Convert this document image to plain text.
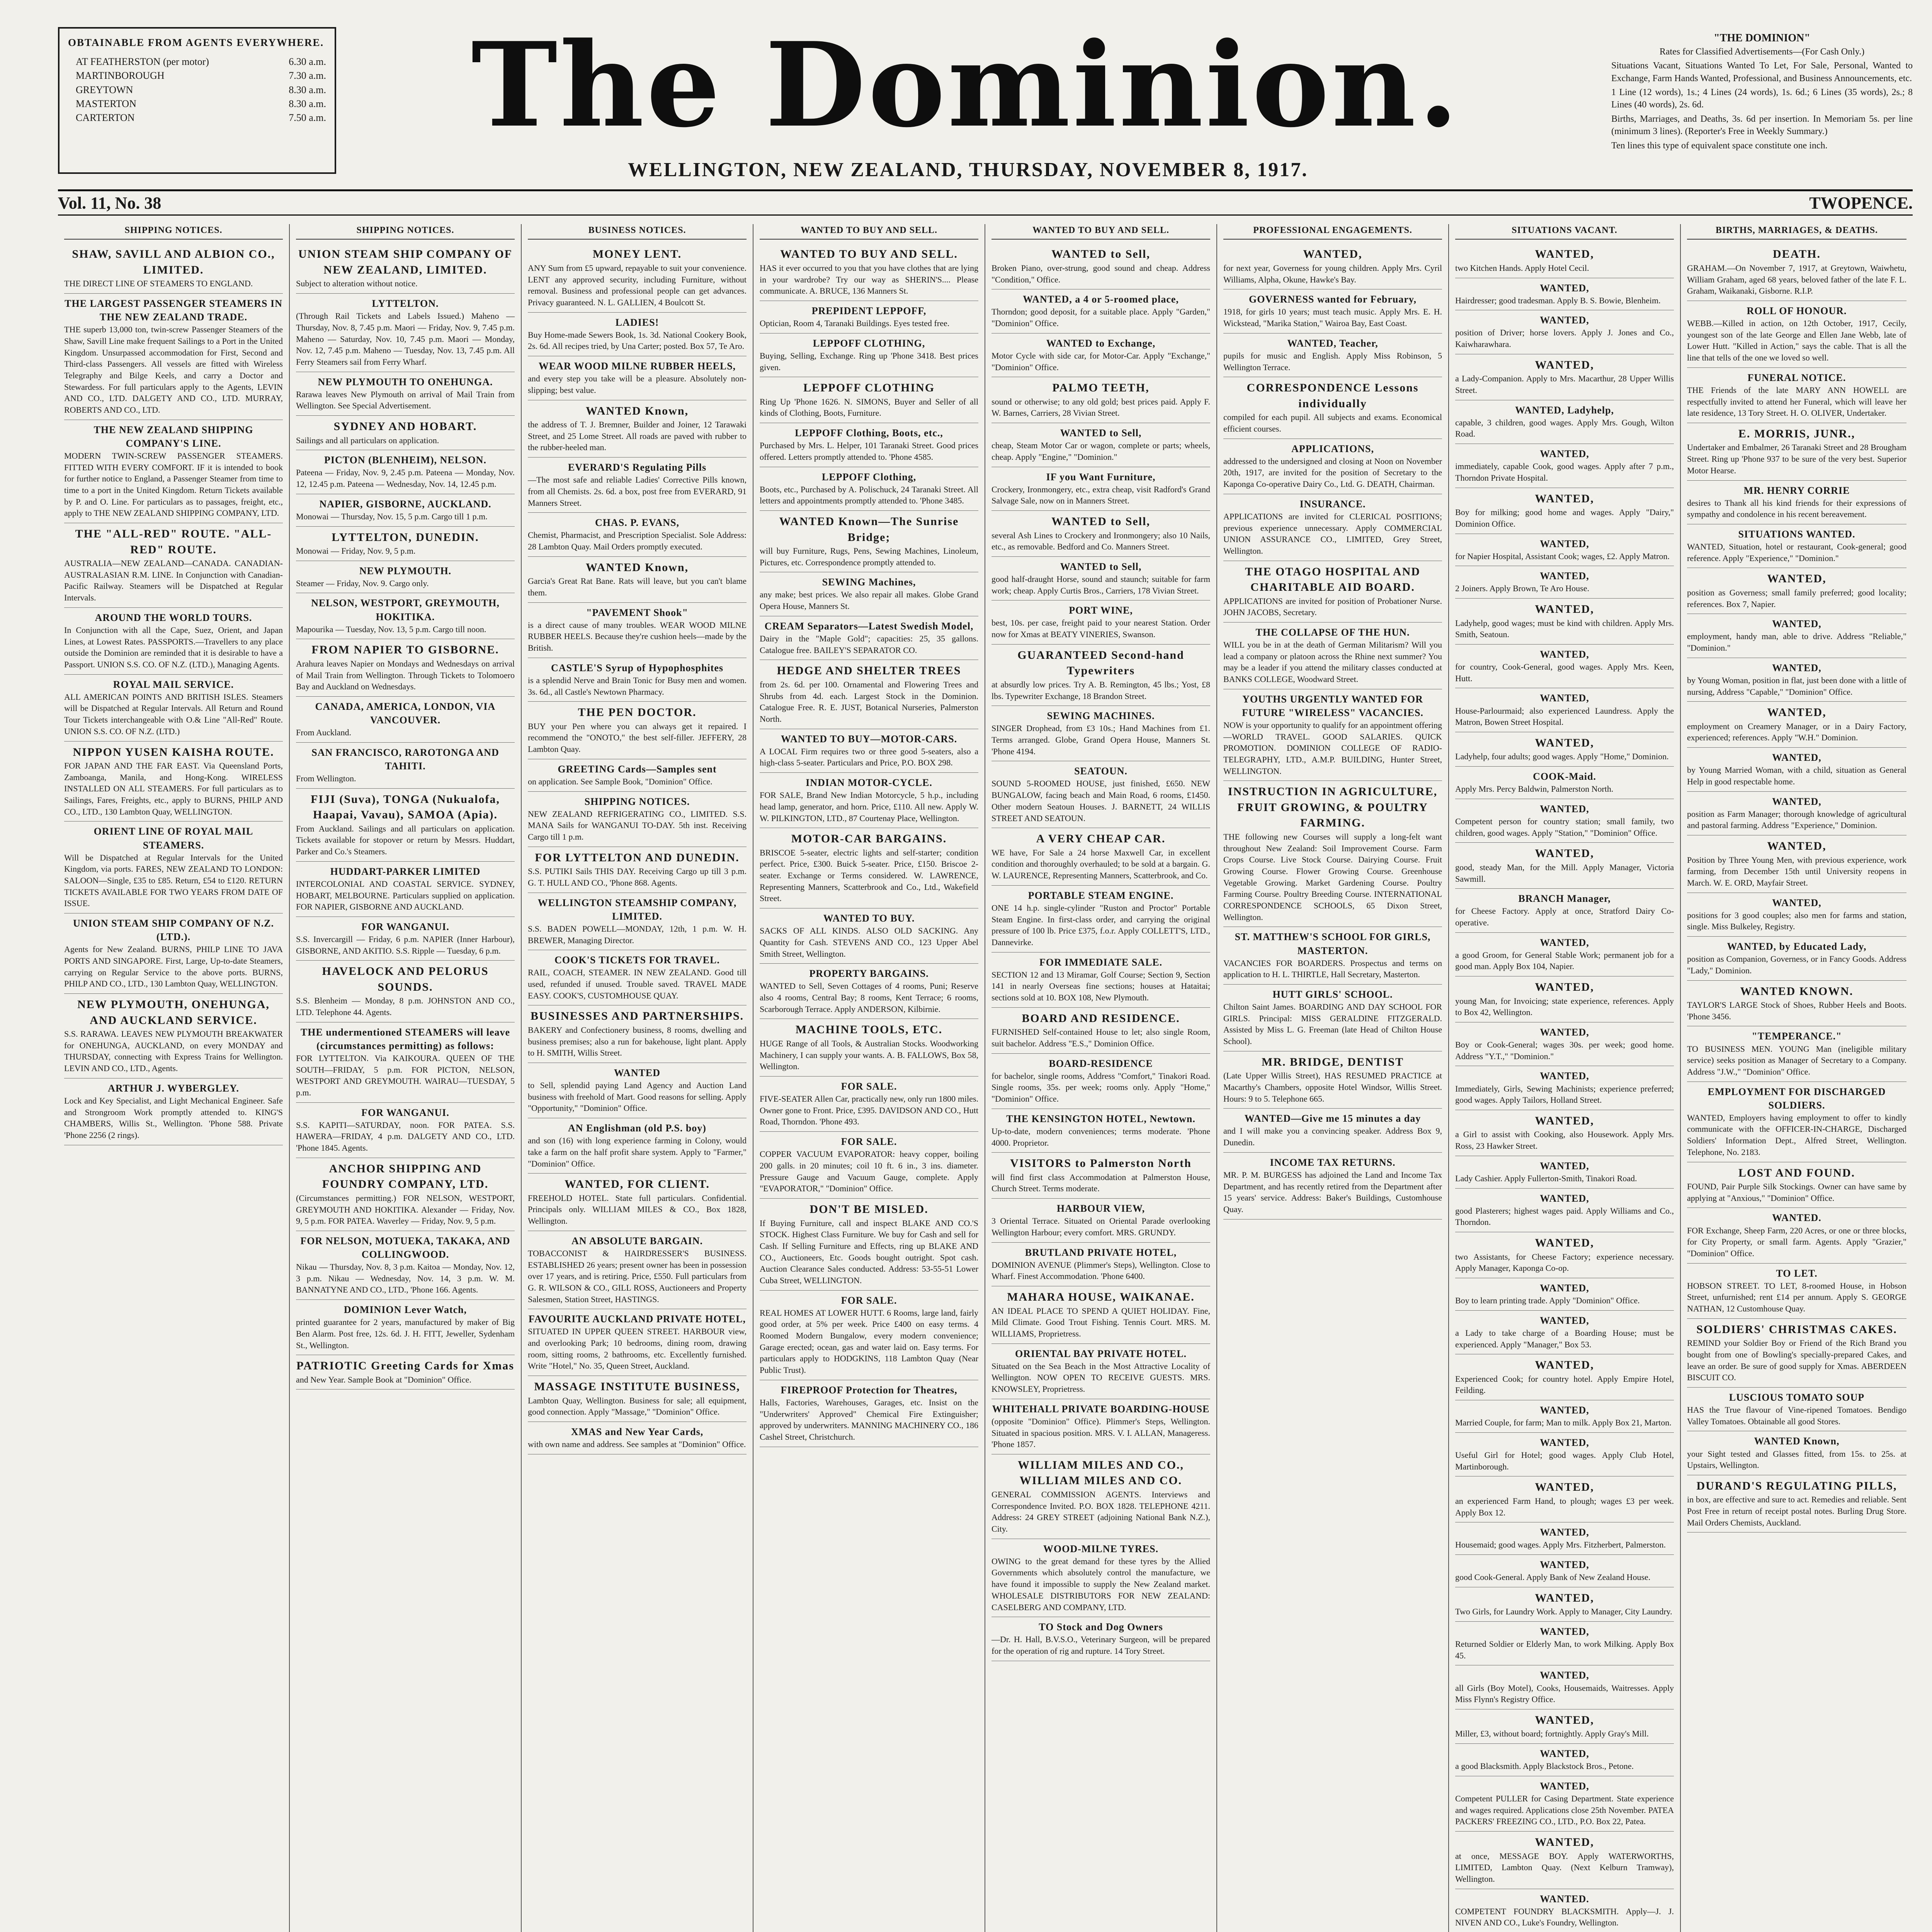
OBTAINABLE FROM AGENTS EVERYWHERE.
AT FEATHERSTON (per motor)	6.30 a.m.
MARTINBOROUGH	7.30 a.m.
GREYTOWN	8.30 a.m.
MASTERTON	8.30 a.m.
CARTERTON	7.50 a.m.	The Dominion.
WELLINGTON, NEW ZEALAND, THURSDAY, NOVEMBER 8, 1917.
"THE DOMINION"
Rates for Classified Advertisements—(For Cash Only.)

Situations Vacant, Situations Wanted To Let, For Sale, Personal, Wanted to Exchange, Farm Hands Wanted, Professional, and Business Announcements, etc.

1 Line (12 words), 1s.; 4 Lines (24 words), 1s. 6d.; 6 Lines (35 words), 2s.; 8 Lines (40 words), 2s. 6d.

Births, Marriages, and Deaths, 3s. 6d per insertion. In Memoriam 5s. per line (minimum 3 lines). (Reporter's Free in Weekly Summary.)

Ten lines this type of equivalent space constitute one inch.

Vol. 11, No. 38	TWOPENCE.
SHIPPING NOTICES.
SHAW, SAVILL AND ALBION CO., LIMITED.
THE DIRECT LINE OF STEAMERS TO ENGLAND.
THE LARGEST PASSENGER STEAMERS IN THE NEW ZEALAND TRADE.
THE superb 13,000 ton, twin-screw Passenger Steamers of the Shaw, Savill Line make frequent Sailings to a Port in the United Kingdom. Unsurpassed accommodation for First, Second and Third-class Passengers. All vessels are fitted with Wireless Telegraphy and Bilge Keels, and carry a Doctor and Stewardess. For full particulars apply to the Agents, LEVIN AND CO., LTD. DALGETY AND CO., LTD. MURRAY, ROBERTS AND CO., LTD.
THE NEW ZEALAND SHIPPING COMPANY'S LINE.
MODERN TWIN-SCREW PASSENGER STEAMERS. FITTED WITH EVERY COMFORT. IF it is intended to book for further notice to England, a Passenger Steamer from time to time to a port in the United Kingdom. Return Tickets available by P. and O. Line. For particulars as to passages, freight, etc., apply to THE NEW ZEALAND SHIPPING COMPANY, LTD.
THE "ALL-RED" ROUTE. "ALL-RED" ROUTE.
AUSTRALIA—NEW ZEALAND—CANADA. CANADIAN-AUSTRALASIAN R.M. LINE. In Conjunction with Canadian-Pacific Railway. Steamers will be Dispatched at Regular Intervals.
AROUND THE WORLD TOURS.
In Conjunction with all the Cape, Suez, Orient, and Japan Lines, at Lowest Rates. PASSPORTS.—Travellers to any place outside the Dominion are reminded that it is desirable to have a Passport. UNION S.S. CO. OF N.Z. (LTD.), Managing Agents.
ROYAL MAIL SERVICE.
ALL AMERICAN POINTS AND BRITISH ISLES. Steamers will be Dispatched at Regular Intervals. All Return and Round Tour Tickets interchangeable with O.& Line "All-Red" Route. UNION S.S. CO. OF N.Z. (LTD.)
NIPPON YUSEN KAISHA ROUTE.
FOR JAPAN AND THE FAR EAST. Via Queensland Ports, Zamboanga, Manila, and Hong-Kong. WIRELESS INSTALLED ON ALL STEAMERS. For full particulars as to Sailings, Fares, Freights, etc., apply to BURNS, PHILP AND CO., LTD., 130 Lambton Quay, WELLINGTON.
ORIENT LINE OF ROYAL MAIL STEAMERS.
Will be Dispatched at Regular Intervals for the United Kingdom, via ports. FARES, NEW ZEALAND TO LONDON: SALOON—Single, £35 to £85. Return, £54 to £120. RETURN TICKETS AVAILABLE FOR TWO YEARS FROM DATE OF ISSUE.
UNION STEAM SHIP COMPANY OF N.Z. (LTD.).
Agents for New Zealand. BURNS, PHILP LINE TO JAVA PORTS AND SINGAPORE. First, Large, Up-to-date Steamers, carrying on Regular Service to the above ports. BURNS, PHILP AND CO., LTD., 130 Lambton Quay, WELLINGTON.
NEW PLYMOUTH, ONEHUNGA, AND AUCKLAND SERVICE.
S.S. RARAWA. LEAVES NEW PLYMOUTH BREAKWATER for ONEHUNGA, AUCKLAND, on every MONDAY and THURSDAY, connecting with Express Trains for Wellington. LEVIN AND CO., LTD., Agents.
ARTHUR J. WYBERGLEY.
Lock and Key Specialist, and Light Mechanical Engineer. Safe and Strongroom Work promptly attended to. KING'S CHAMBERS, Willis St., Wellington. 'Phone 588. Private 'Phone 2256 (2 rings).
SHIPPING NOTICES.
UNION STEAM SHIP COMPANY OF NEW ZEALAND, LIMITED.
Subject to alteration without notice.
LYTTELTON.
(Through Rail Tickets and Labels Issued.) Maheno — Thursday, Nov. 8, 7.45 p.m. Maori — Friday, Nov. 9, 7.45 p.m. Maheno — Saturday, Nov. 10, 7.45 p.m. Maori — Monday, Nov. 12, 7.45 p.m. Maheno — Tuesday, Nov. 13, 7.45 p.m. All Ferry Steamers sail from Ferry Wharf.
NEW PLYMOUTH TO ONEHUNGA.
Rarawa leaves New Plymouth on arrival of Mail Train from Wellington. See Special Advertisement.
SYDNEY AND HOBART.
Sailings and all particulars on application.
PICTON (BLENHEIM), NELSON.
Pateena — Friday, Nov. 9, 2.45 p.m. Pateena — Monday, Nov. 12, 12.45 p.m. Pateena — Wednesday, Nov. 14, 12.45 p.m.
NAPIER, GISBORNE, AUCKLAND.
Monowai — Thursday, Nov. 15, 5 p.m. Cargo till 1 p.m.
LYTTELTON, DUNEDIN.
Monowai — Friday, Nov. 9, 5 p.m.
NEW PLYMOUTH.
Steamer — Friday, Nov. 9. Cargo only.
NELSON, WESTPORT, GREYMOUTH, HOKITIKA.
Mapourika — Tuesday, Nov. 13, 5 p.m. Cargo till noon.
FROM NAPIER TO GISBORNE.
Arahura leaves Napier on Mondays and Wednesdays on arrival of Mail Train from Wellington. Through Tickets to Tolomoero Bay and Auckland on Wednesdays.
CANADA, AMERICA, LONDON, VIA VANCOUVER.
From Auckland.
SAN FRANCISCO, RAROTONGA AND TAHITI.
From Wellington.
FIJI (Suva), TONGA (Nukualofa, Haapai, Vavau), SAMOA (Apia).
From Auckland. Sailings and all particulars on application. Tickets available for stopover or return by Messrs. Huddart, Parker and Co.'s Steamers.
HUDDART-PARKER LIMITED
INTERCOLONIAL AND COASTAL SERVICE. SYDNEY, HOBART, MELBOURNE. Particulars supplied on application. FOR NAPIER, GISBORNE AND AUCKLAND.
FOR WANGANUI.
S.S. Invercargill — Friday, 6 p.m. NAPIER (Inner Harbour), GISBORNE, AND AKITIO. S.S. Ripple — Tuesday, 6 p.m.
HAVELOCK AND PELORUS SOUNDS.
S.S. Blenheim — Monday, 8 p.m. JOHNSTON AND CO., LTD. Telephone 44. Agents.
THE undermentioned STEAMERS will leave (circumstances permitting) as follows:
FOR LYTTELTON. Via KAIKOURA. QUEEN OF THE SOUTH—FRIDAY, 5 p.m. FOR PICTON, NELSON, WESTPORT AND GREYMOUTH. WAIRAU—TUESDAY, 5 p.m.
FOR WANGANUI.
S.S. KAPITI—SATURDAY, noon. FOR PATEA. S.S. HAWERA—FRIDAY, 4 p.m. DALGETY AND CO., LTD. 'Phone 1845. Agents.
ANCHOR SHIPPING AND FOUNDRY COMPANY, LTD.
(Circumstances permitting.) FOR NELSON, WESTPORT, GREYMOUTH AND HOKITIKA. Alexander — Friday, Nov. 9, 5 p.m. FOR PATEA. Waverley — Friday, Nov. 9, 5 p.m.
FOR NELSON, MOTUEKA, TAKAKA, AND COLLINGWOOD.
Nikau — Thursday, Nov. 8, 3 p.m. Kaitoa — Monday, Nov. 12, 3 p.m. Nikau — Wednesday, Nov. 14, 3 p.m. W. M. BANNATYNE AND CO., LTD., 'Phone 166. Agents.
DOMINION Lever Watch,
printed guarantee for 2 years, manufactured by maker of Big Ben Alarm. Post free, 12s. 6d. J. H. FITT, Jeweller, Sydenham St., Wellington.
PATRIOTIC Greeting Cards for Xmas
and New Year. Sample Book at "Dominion" Office.
BUSINESS NOTICES.
MONEY LENT.
ANY Sum from £5 upward, repayable to suit your convenience. LENT any approved security, including Furniture, without removal. Business and professional people can get advances. Privacy guaranteed. N. L. GALLIEN, 4 Boulcott St.
LADIES!
Buy Home-made Sewers Book, 1s. 3d. National Cookery Book, 2s. 6d. All recipes tried, by Una Carter; posted. Box 57, Te Aro.
WEAR WOOD MILNE RUBBER HEELS,
and every step you take will be a pleasure. Absolutely non-slipping; best value.
WANTED Known,
the address of T. J. Bremner, Builder and Joiner, 12 Tarawaki Street, and 25 Lome Street. All roads are paved with rubber to the rubber-heeled man.
EVERARD'S Regulating Pills
—The most safe and reliable Ladies' Corrective Pills known, from all Chemists. 2s. 6d. a box, post free from EVERARD, 91 Manners Street.
CHAS. P. EVANS,
Chemist, Pharmacist, and Prescription Specialist. Sole Address: 28 Lambton Quay. Mail Orders promptly executed.
WANTED Known,
Garcia's Great Rat Bane. Rats will leave, but you can't blame them.
"PAVEMENT Shook"
is a direct cause of many troubles. WEAR WOOD MILNE RUBBER HEELS. Because they're cushion heels—made by the British.
CASTLE'S Syrup of Hypophosphites
is a splendid Nerve and Brain Tonic for Busy men and women. 3s. 6d., all Castle's Newtown Pharmacy.
THE PEN DOCTOR.
BUY your Pen where you can always get it repaired. I recommend the "ONOTO," the best self-filler. JEFFERY, 28 Lambton Quay.
GREETING Cards—Samples sent
on application. See Sample Book, "Dominion" Office.
SHIPPING NOTICES.
NEW ZEALAND REFRIGERATING CO., LIMITED. S.S. MANA Sails for WANGANUI TO-DAY. 5th inst. Receiving Cargo till 1 p.m.
FOR LYTTELTON AND DUNEDIN.
S.S. PUTIKI Sails THIS DAY. Receiving Cargo up till 3 p.m. G. T. HULL AND CO., 'Phone 868. Agents.
WELLINGTON STEAMSHIP COMPANY, LIMITED.
S.S. BADEN POWELL—MONDAY, 12th, 1 p.m. W. H. BREWER, Managing Director.
COOK'S TICKETS FOR TRAVEL.
RAIL, COACH, STEAMER. IN NEW ZEALAND. Good till used, refunded if unused. Trouble saved. TRAVEL MADE EASY. COOK'S, CUSTOMHOUSE QUAY.
BUSINESSES AND PARTNERSHIPS.
BAKERY and Confectionery business, 8 rooms, dwelling and business premises; also a run for bakehouse, light plant. Apply to H. SMITH, Willis Street.
WANTED
to Sell, splendid paying Land Agency and Auction Land business with freehold of Mart. Good reasons for selling. Apply "Opportunity," "Dominion" Office.
AN Englishman (old P.S. boy)
and son (16) with long experience farming in Colony, would take a farm on the half profit share system. Apply to "Farmer," "Dominion" Office.
WANTED, FOR CLIENT.
FREEHOLD HOTEL. State full particulars. Confidential. Principals only. WILLIAM MILES & CO., Box 1828, Wellington.
AN ABSOLUTE BARGAIN.
TOBACCONIST & HAIRDRESSER'S BUSINESS. ESTABLISHED 26 years; present owner has been in possession over 17 years, and is retiring. Price, £550. Full particulars from G. R. WILSON & CO., GILL ROSS, Auctioneers and Property Salesmen, Station Street, HASTINGS.
FAVOURITE AUCKLAND PRIVATE HOTEL,
SITUATED IN UPPER QUEEN STREET. HARBOUR view, and overlooking Park; 10 bedrooms, dining room, drawing room, sitting rooms, 2 bathrooms, etc. Excellently furnished. Write "Hotel," No. 35, Queen Street, Auckland.
MASSAGE INSTITUTE BUSINESS,
Lambton Quay, Wellington. Business for sale; all equipment, good connection. Apply "Massage," "Dominion" Office.
XMAS and New Year Cards,
with own name and address. See samples at "Dominion" Office.
WANTED TO BUY AND SELL.
WANTED TO BUY AND SELL.
HAS it ever occurred to you that you have clothes that are lying in your wardrobe? Try our way as SHERIN'S.... Please communicate. A. BRUCE, 136 Manners St.
PREPIDENT LEPPOFF,
Optician, Room 4, Taranaki Buildings. Eyes tested free.
LEPPOFF CLOTHING,
Buying, Selling, Exchange. Ring up 'Phone 3418. Best prices given.
LEPPOFF CLOTHING
Ring Up 'Phone 1626. N. SIMONS, Buyer and Seller of all kinds of Clothing, Boots, Furniture.
LEPPOFF Clothing, Boots, etc.,
Purchased by Mrs. L. Helper, 101 Taranaki Street. Good prices offered. Letters promptly attended to. 'Phone 4585.
LEPPOFF Clothing,
Boots, etc., Purchased by A. Polischuck, 24 Taranaki Street. All letters and appointments promptly attended to. 'Phone 3485.
WANTED Known—The Sunrise Bridge;
will buy Furniture, Rugs, Pens, Sewing Machines, Linoleum, Pictures, etc. Correspondence promptly attended to.
SEWING Machines,
any make; best prices. We also repair all makes. Globe Grand Opera House, Manners St.
CREAM Separators—Latest Swedish Model,
Dairy in the "Maple Gold"; capacities: 25, 35 gallons. Catalogue free. BAILEY'S SEPARATOR CO.
HEDGE AND SHELTER TREES
from 2s. 6d. per 100. Ornamental and Flowering Trees and Shrubs from 4d. each. Largest Stock in the Dominion. Catalogue Free. R. E. JUST, Botanical Nurseries, Palmerston North.
WANTED TO BUY—MOTOR-CARS.
A LOCAL Firm requires two or three good 5-seaters, also a high-class 5-seater. Particulars and Price, P.O. BOX 298.
INDIAN MOTOR-CYCLE.
FOR SALE, Brand New Indian Motorcycle, 5 h.p., including head lamp, generator, and horn. Price, £110. All new. Apply W. W. PILKINGTON, LTD., 87 Courtenay Place, Wellington.
MOTOR-CAR BARGAINS.
BRISCOE 5-seater, electric lights and self-starter; condition perfect. Price, £300. Buick 5-seater. Price, £150. Briscoe 2-seater. Exchange or Terms considered. W. LAWRENCE, Representing Manners, Scatterbrook and Co., Ltd., Wakefield Street.
WANTED TO BUY.
SACKS OF ALL KINDS. ALSO OLD SACKING. Any Quantity for Cash. STEVENS AND CO., 123 Upper Abel Smith Street, Wellington.
PROPERTY BARGAINS.
WANTED to Sell, Seven Cottages of 4 rooms, Puni; Reserve also 4 rooms, Central Bay; 8 rooms, Kent Terrace; 6 rooms, Scarborough Terrace. Apply ANDERSON, Kilbirnie.
MACHINE TOOLS, ETC.
HUGE Range of all Tools, & Australian Stocks. Woodworking Machinery, I can supply your wants. A. B. FALLOWS, Box 58, Wellington.
FOR SALE.
FIVE-SEATER Allen Car, practically new, only run 1800 miles. Owner gone to Front. Price, £395. DAVIDSON AND CO., Hutt Road, Thorndon. 'Phone 493.
FOR SALE.
COPPER VACUUM EVAPORATOR: heavy copper, boiling 200 galls. in 20 minutes; coil 10 ft. 6 in., 3 ins. diameter. Pressure Gauge and Vacuum Gauge, complete. Apply "EVAPORATOR," "Dominion" Office.
DON'T BE MISLED.
If Buying Furniture, call and inspect BLAKE AND CO.'S STOCK. Highest Class Furniture. We buy for Cash and sell for Cash. If Selling Furniture and Effects, ring up BLAKE AND CO., Auctioneers, Etc. Goods bought outright. Spot cash. Auction Clearance Sales conducted. Address: 53-55-51 Lower Cuba Street, WELLINGTON.
FOR SALE.
REAL HOMES AT LOWER HUTT. 6 Rooms, large land, fairly good order, at 5% per week. Price £400 on easy terms. 4 Roomed Modern Bungalow, every modern convenience; Garage erected; ocean, gas and water laid on. Easy terms. For particulars apply to HODGKINS, 118 Lambton Quay (Near Public Trust).
FIREPROOF Protection for Theatres,
Halls, Factories, Warehouses, Garages, etc. Insist on the "Underwriters' Approved" Chemical Fire Extinguisher; approved by underwriters. MANNING MACHINERY CO., 186 Cashel Street, Christchurch.
WANTED TO BUY AND SELL.
WANTED to Sell,
Broken Piano, over-strung, good sound and cheap. Address "Condition," Office.
WANTED, a 4 or 5-roomed place,
Thorndon; good deposit, for a suitable place. Apply "Garden," "Dominion" Office.
WANTED to Exchange,
Motor Cycle with side car, for Motor-Car. Apply "Exchange," "Dominion" Office.
PALMO TEETH,
sound or otherwise; to any old gold; best prices paid. Apply F. W. Barnes, Carriers, 28 Vivian Street.
WANTED to Sell,
cheap, Steam Motor Car or wagon, complete or parts; wheels, cheap. Apply "Engine," "Dominion."
IF you Want Furniture,
Crockery, Ironmongery, etc., extra cheap, visit Radford's Grand Salvage Sale, now on in Manners Street.
WANTED to Sell,
several Ash Lines to Crockery and Ironmongery; also 10 Nails, etc., as removable. Bedford and Co. Manners Street.
WANTED to Sell,
good half-draught Horse, sound and staunch; suitable for farm work; cheap. Apply Curtis Bros., Carriers, 178 Vivian Street.
PORT WINE,
best, 10s. per case, freight paid to your nearest Station. Order now for Xmas at BEATY VINERIES, Swanson.
GUARANTEED Second-hand Typewriters
at absurdly low prices. Try A. B. Remington, 45 lbs.; Yost, £8 lbs. Typewriter Exchange, 18 Brandon Street.
SEWING MACHINES.
SINGER Drophead, from £3 10s.; Hand Machines from £1. Terms arranged. Globe, Grand Opera House, Manners St. 'Phone 4194.
SEATOUN.
SOUND 5-ROOMED HOUSE, just finished, £650. NEW BUNGALOW, facing beach and Main Road, 6 rooms, £1450. Other modern Seatoun Houses. J. BARNETT, 24 WILLIS STREET AND SEATOUN.
A VERY CHEAP CAR.
WE have, For Sale a 24 horse Maxwell Car, in excellent condition and thoroughly overhauled; to be sold at a bargain. G. W. LAURENCE, Representing Manners, Scatterbrook, and Co.
PORTABLE STEAM ENGINE.
ONE 14 h.p. single-cylinder "Ruston and Proctor" Portable Steam Engine. In first-class order, and carrying the original pressure of 100 lb. Price £375, f.o.r. Apply COLLETT'S, LTD., Dannevirke.
FOR IMMEDIATE SALE.
SECTION 12 and 13 Miramar, Golf Course; Section 9, Section 141 in nearly Overseas fine sections; houses at Hataitai; sections sold at 10. BOX 108, New Plymouth.
BOARD AND RESIDENCE.
FURNISHED Self-contained House to let; also single Room, suit bachelor. Address "E.S.," Dominion Office.
BOARD-RESIDENCE
for bachelor, single rooms, Address "Comfort," Tinakori Road. Single rooms, 35s. per week; rooms only. Apply "Home," "Dominion" Office.
THE KENSINGTON HOTEL, Newtown.
Up-to-date, modern conveniences; terms moderate. 'Phone 4000. Proprietor.
VISITORS to Palmerston North
will find first class Accommodation at Palmerston House, Church Street. Terms moderate.
HARBOUR VIEW,
3 Oriental Terrace. Situated on Oriental Parade overlooking Wellington Harbour; every comfort. MRS. GRUNDY.
BRUTLAND PRIVATE HOTEL,
DOMINION AVENUE (Plimmer's Steps), Wellington. Close to Wharf. Finest Accommodation. 'Phone 6400.
MAHARA HOUSE, WAIKANAE.
AN IDEAL PLACE TO SPEND A QUIET HOLIDAY. Fine, Mild Climate. Good Trout Fishing. Tennis Court. MRS. M. WILLIAMS, Proprietress.
ORIENTAL BAY PRIVATE HOTEL.
Situated on the Sea Beach in the Most Attractive Locality of Wellington. NOW OPEN TO RECEIVE GUESTS. MRS. KNOWSLEY, Proprietress.
WHITEHALL PRIVATE BOARDING-HOUSE
(opposite "Dominion" Office). Plimmer's Steps, Wellington. Situated in spacious position. MRS. V. I. ALLAN, Manageress. 'Phone 1857.
WILLIAM MILES AND CO., WILLIAM MILES AND CO.
GENERAL COMMISSION AGENTS. Interviews and Correspondence Invited. P.O. BOX 1828. TELEPHONE 4211. Address: 24 GREY STREET (adjoining National Bank N.Z.), City.
WOOD-MILNE TYRES.
OWING to the great demand for these tyres by the Allied Governments which absolutely control the manufacture, we have found it impossible to supply the New Zealand market. WHOLESALE DISTRIBUTORS FOR NEW ZEALAND: CASELBERG AND COMPANY, LTD.
TO Stock and Dog Owners
—Dr. H. Hall, B.V.S.O., Veterinary Surgeon, will be prepared for the operation of rig and rupture. 14 Tory Street.
PROFESSIONAL ENGAGEMENTS.
WANTED,
for next year, Governess for young children. Apply Mrs. Cyril Williams, Alpha, Okune, Hawke's Bay.
GOVERNESS wanted for February,
1918, for girls 10 years; must teach music. Apply Mrs. E. H. Wickstead, "Marika Station," Wairoa Bay, East Coast.
WANTED, Teacher,
pupils for music and English. Apply Miss Robinson, 5 Wellington Terrace.
CORRESPONDENCE Lessons individually
compiled for each pupil. All subjects and exams. Economical efficient courses.
APPLICATIONS,
addressed to the undersigned and closing at Noon on November 20th, 1917, are invited for the position of Secretary to the Kaponga Co-operative Dairy Co., Ltd. G. DEATH, Chairman.
INSURANCE.
APPLICATIONS are invited for CLERICAL POSITIONS; previous experience unnecessary. Apply COMMERCIAL UNION ASSURANCE CO., LIMITED, Grey Street, Wellington.
THE OTAGO HOSPITAL AND CHARITABLE AID BOARD.
APPLICATIONS are invited for position of Probationer Nurse. JOHN JACOBS, Secretary.
THE COLLAPSE OF THE HUN.
WILL you be in at the death of German Militarism? Will you lead a company or platoon across the Rhine next summer? You may be a leader if you attend the military classes conducted at BANKS COLLEGE, Woodward Street.
YOUTHS URGENTLY WANTED FOR FUTURE "WIRELESS" VACANCIES.
NOW is your opportunity to qualify for an appointment offering—WORLD TRAVEL. GOOD SALARIES. QUICK PROMOTION. DOMINION COLLEGE OF RADIO-TELEGRAPHY, LTD., A.M.P. BUILDING, Hunter Street, WELLINGTON.
INSTRUCTION IN AGRICULTURE, FRUIT GROWING, & POULTRY FARMING.
THE following new Courses will supply a long-felt want throughout New Zealand: Soil Improvement Course. Farm Crops Course. Live Stock Course. Dairying Course. Fruit Growing Course. Flower Growing Course. Greenhouse Vegetable Growing. Market Gardening Course. Poultry Farming Course. Poultry Breeding Course. INTERNATIONAL CORRESPONDENCE SCHOOLS, 65 Dixon Street, Wellington.
ST. MATTHEW'S SCHOOL FOR GIRLS, MASTERTON.
VACANCIES FOR BOARDERS. Prospectus and terms on application to H. L. THIRTLE, Hall Secretary, Masterton.
HUTT GIRLS' SCHOOL.
Chilton Saint James. BOARDING AND DAY SCHOOL FOR GIRLS. Principal: MISS GERALDINE FITZGERALD. Assisted by Miss L. G. Freeman (late Head of Chilton House School).
MR. BRIDGE, DENTIST
(Late Upper Willis Street), HAS RESUMED PRACTICE at Macarthy's Chambers, opposite Hotel Windsor, Willis Street. Hours: 9 to 5. Telephone 665.
WANTED—Give me 15 minutes a day
and I will make you a convincing speaker. Address Box 9, Dunedin.
INCOME TAX RETURNS.
MR. P. M. BURGESS has adjoined the Land and Income Tax Department, and has recently retired from the Department after 15 years' service. Address: Baker's Buildings, Customhouse Quay.
SITUATIONS VACANT.
WANTED,
two Kitchen Hands. Apply Hotel Cecil.
WANTED,
Hairdresser; good tradesman. Apply B. S. Bowie, Blenheim.
WANTED,
position of Driver; horse lovers. Apply J. Jones and Co., Kaiwharawhara.
WANTED,
a Lady-Companion. Apply to Mrs. Macarthur, 28 Upper Willis Street.
WANTED, Ladyhelp,
capable, 3 children, good wages. Apply Mrs. Gough, Wilton Road.
WANTED,
immediately, capable Cook, good wages. Apply after 7 p.m., Thorndon Private Hospital.
WANTED,
Boy for milking; good home and wages. Apply "Dairy," Dominion Office.
WANTED,
for Napier Hospital, Assistant Cook; wages, £2. Apply Matron.
WANTED,
2 Joiners. Apply Brown, Te Aro House.
WANTED,
Ladyhelp, good wages; must be kind with children. Apply Mrs. Smith, Seatoun.
WANTED,
for country, Cook-General, good wages. Apply Mrs. Keen, Hutt.
WANTED,
House-Parlourmaid; also experienced Laundress. Apply the Matron, Bowen Street Hospital.
WANTED,
Ladyhelp, four adults; good wages. Apply "Home," Dominion.
COOK-Maid.
Apply Mrs. Percy Baldwin, Palmerston North.
WANTED,
Competent person for country station; small family, two children, good wages. Apply "Station," "Dominion" Office.
WANTED,
good, steady Man, for the Mill. Apply Manager, Victoria Sawmill.
BRANCH Manager,
for Cheese Factory. Apply at once, Stratford Dairy Co-operative.
WANTED,
a good Groom, for General Stable Work; permanent job for a good man. Apply Box 104, Napier.
WANTED,
young Man, for Invoicing; state experience, references. Apply to Box 42, Wellington.
WANTED,
Boy or Cook-General; wages 30s. per week; good home. Address "Y.T.," "Dominion."
WANTED,
Immediately, Girls, Sewing Machinists; experience preferred; good wages. Apply Tailors, Holland Street.
WANTED,
a Girl to assist with Cooking, also Housework. Apply Mrs. Ross, 23 Hawker Street.
WANTED,
Lady Cashier. Apply Fullerton-Smith, Tinakori Road.
WANTED,
good Plasterers; highest wages paid. Apply Williams and Co., Thorndon.
WANTED,
two Assistants, for Cheese Factory; experience necessary. Apply Manager, Kaponga Co-op.
WANTED,
Boy to learn printing trade. Apply "Dominion" Office.
WANTED,
a Lady to take charge of a Boarding House; must be experienced. Apply "Manager," Box 53.
WANTED,
Experienced Cook; for country hotel. Apply Empire Hotel, Feilding.
WANTED,
Married Couple, for farm; Man to milk. Apply Box 21, Marton.
WANTED,
Useful Girl for Hotel; good wages. Apply Club Hotel, Martinborough.
WANTED,
an experienced Farm Hand, to plough; wages £3 per week. Apply Box 12.
WANTED,
Housemaid; good wages. Apply Mrs. Fitzherbert, Palmerston.
WANTED,
good Cook-General. Apply Bank of New Zealand House.
WANTED,
Two Girls, for Laundry Work. Apply to Manager, City Laundry.
WANTED,
Returned Soldier or Elderly Man, to work Milking. Apply Box 45.
WANTED,
all Girls (Boy Motel), Cooks, Housemaids, Waitresses. Apply Miss Flynn's Registry Office.
WANTED,
Miller, £3, without board; fortnightly. Apply Gray's Mill.
WANTED,
a good Blacksmith. Apply Blackstock Bros., Petone.
WANTED,
Competent PULLER for Casing Department. State experience and wages required. Applications close 25th November. PATEA PACKERS' FREEZING CO., LTD., P.O. Box 22, Patea.
WANTED,
at once, MESSAGE BOY. Apply WATERWORTHS, LIMITED, Lambton Quay. (Next Kelburn Tramway), Wellington.
WANTED.
COMPETENT FOUNDRY BLACKSMITH. Apply—J. J. NIVEN AND CO., Luke's Foundry, Wellington.
BIRTHS, MARRIAGES, & DEATHS.
DEATH.
GRAHAM.—On November 7, 1917, at Greytown, Waiwhetu, William Graham, aged 68 years, beloved father of the late F. L. Graham, Waikanaki, Gisborne. R.I.P.
ROLL OF HONOUR.
WEBB.—Killed in action, on 12th October, 1917, Cecily, youngest son of the late George and Ellen Jane Webb, late of Lower Hutt. "Killed in Action," says the cable. That is all the line that tells of the one we loved so well.
FUNERAL NOTICE.
THE Friends of the late MARY ANN HOWELL are respectfully invited to attend her Funeral, which will leave her late residence, 13 Tory Street. H. O. OLIVER, Undertaker.
E. MORRIS, JUNR.,
Undertaker and Embalmer, 26 Taranaki Street and 28 Brougham Street. Ring up 'Phone 937 to be sure of the very best. Superior Motor Hearse.
MR. HENRY CORRIE
desires to Thank all his kind friends for their expressions of sympathy and condolence in his recent bereavement.
SITUATIONS WANTED.
WANTED, Situation, hotel or restaurant, Cook-general; good reference. Apply "Experience," "Dominion."
WANTED,
position as Governess; small family preferred; good locality; references. Box 7, Napier.
WANTED,
employment, handy man, able to drive. Address "Reliable," "Dominion."
WANTED,
by Young Woman, position in flat, just been done with a little of nursing, Address "Capable," "Dominion" Office.
WANTED,
employment on Creamery Manager, or in a Dairy Factory, experienced; references. Apply "W.H." Dominion.
WANTED,
by Young Married Woman, with a child, situation as General Help in good respectable home.
WANTED,
position as Farm Manager; thorough knowledge of agricultural and pastoral farming. Address "Experience," Dominion.
WANTED,
Position by Three Young Men, with previous experience, work farming, from December 15th until University reopens in March. W. E. ORD, Mayfair Street.
WANTED,
positions for 3 good couples; also men for farms and station, single. Miss Bulkeley, Registry.
WANTED, by Educated Lady,
position as Companion, Governess, or in Fancy Goods. Address "Lady," Dominion.
WANTED KNOWN.
TAYLOR'S LARGE Stock of Shoes, Rubber Heels and Boots. 'Phone 3456.
"TEMPERANCE."
TO BUSINESS MEN. YOUNG Man (ineligible military service) seeks position as Manager of Secretary to a Company. Address "J.W.," "Dominion" Office.
EMPLOYMENT FOR DISCHARGED SOLDIERS.
WANTED, Employers having employment to offer to kindly communicate with the OFFICER-IN-CHARGE, Discharged Soldiers' Information Dept., Alfred Street, Wellington. Telephone, No. 2183.
LOST AND FOUND.
FOUND, Pair Purple Silk Stockings. Owner can have same by applying at "Anxious," "Dominion" Office.
WANTED.
FOR Exchange, Sheep Farm, 220 Acres, or one or three blocks, for City Property, or small farm. Agents. Apply "Grazier," "Dominion" Office.
TO LET.
HOBSON STREET. TO LET, 8-roomed House, in Hobson Street, unfurnished; rent £14 per annum. Apply S. GEORGE NATHAN, 12 Customhouse Quay.
SOLDIERS' CHRISTMAS CAKES.
REMIND your Soldier Boy or Friend of the Rich Brand you bought from one of Bowling's specially-prepared Cakes, and leave an order. Be sure of good supply for Xmas. ABERDEEN BISCUIT CO.
LUSCIOUS TOMATO SOUP
HAS the True flavour of Vine-ripened Tomatoes. Bendigo Valley Tomatoes. Obtainable all good Stores.
WANTED Known,
your Sight tested and Glasses fitted, from 15s. to 25s. at Upstairs, Wellington.
DURAND'S REGULATING PILLS,
in box, are effective and sure to act. Remedies and reliable. Sent Post Free in return of receipt postal notes. Burling Drug Store. Mail Orders Chemists, Auckland.
